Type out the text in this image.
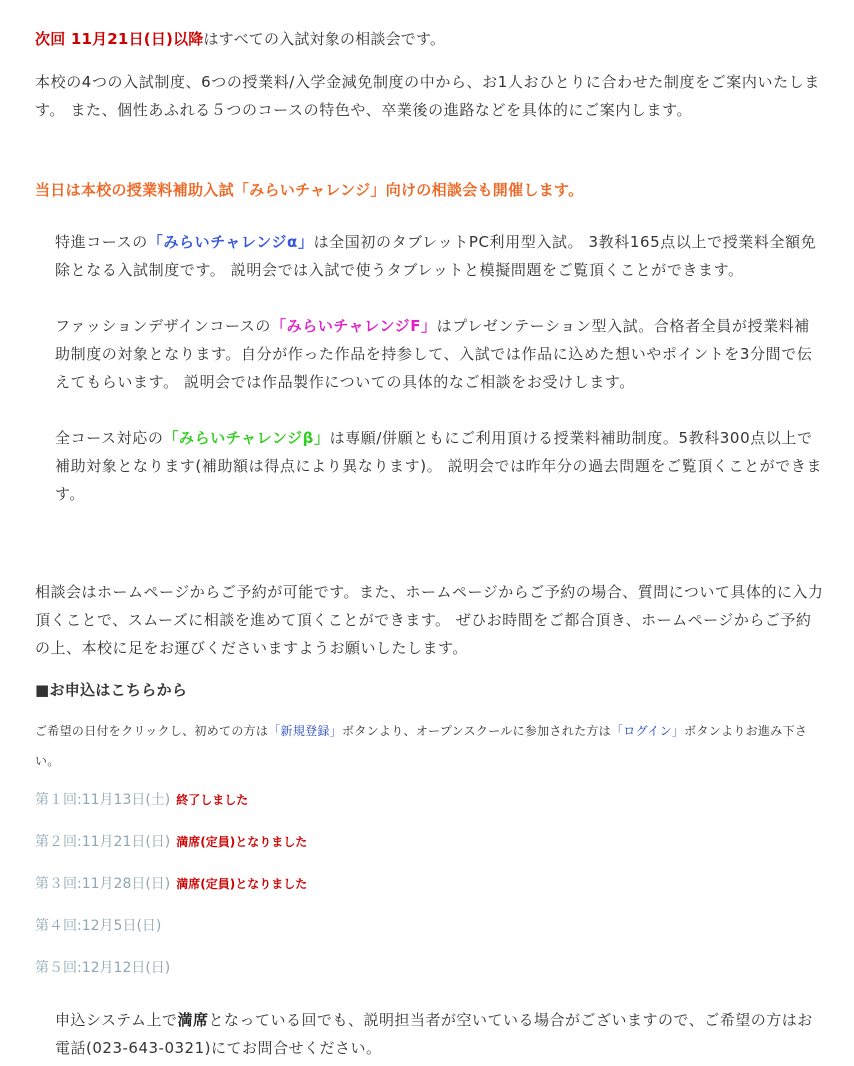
次回 11月21日(日)以降はすべての入試対象の相談会です。

本校の4つの入試制度、6つの授業料/入学金減免制度の中から、お1人おひとりに合わせた制度をご案内いたします。 また、個性あふれる５つのコースの特色や、卒業後の進路などを具体的にご案内します。

当日は本校の授業料補助入試「みらいチャレンジ」向けの相談会も開催します。

特進コースの「みらいチャレンジα」は全国初のタブレットPC利用型入試。 3教科165点以上で授業料全額免除となる入試制度です。 説明会では入試で使うタブレットと模擬問題をご覧頂くことができます。

ファッションデザインコースの「みらいチャレンジF」はプレゼンテーション型入試。合格者全員が授業料補助制度の対象となります。自分が作った作品を持参して、入試では作品に込めた想いやポイントを3分間で伝えてもらいます。 説明会では作品製作についての具体的なご相談をお受けします。

全コース対応の「みらいチャレンジβ」は専願/併願ともにご利用頂ける授業料補助制度。5教科300点以上で補助対象となります(補助額は得点により異なります)。 説明会では昨年分の過去問題をご覧頂くことができます。

相談会はホームページからご予約が可能です。また、ホームページからご予約の場合、質問について具体的に入力頂くことで、スムーズに相談を進めて頂くことができます。 ぜひお時間をご都合頂き、ホームページからご予約の上、本校に足をお運びくださいますようお願いしたします。

■お申込はこちらから

ご希望の日付をクリックし、初めての方は「新規登録」ボタンより、オープンスクールに参加された方は「ログイン」ボタンよりお進み下さい。

第１回:11月13日(土) 終了しました

第２回:11月21日(日) 満席(定員)となりました

第３回:11月28日(日) 満席(定員)となりました

第４回:12月5日(日)

第５回:12月12日(日)

申込システム上で満席となっている回でも、説明担当者が空いている場合がございますので、ご希望の方はお電話(023-643-0321)にてお問合せください。
